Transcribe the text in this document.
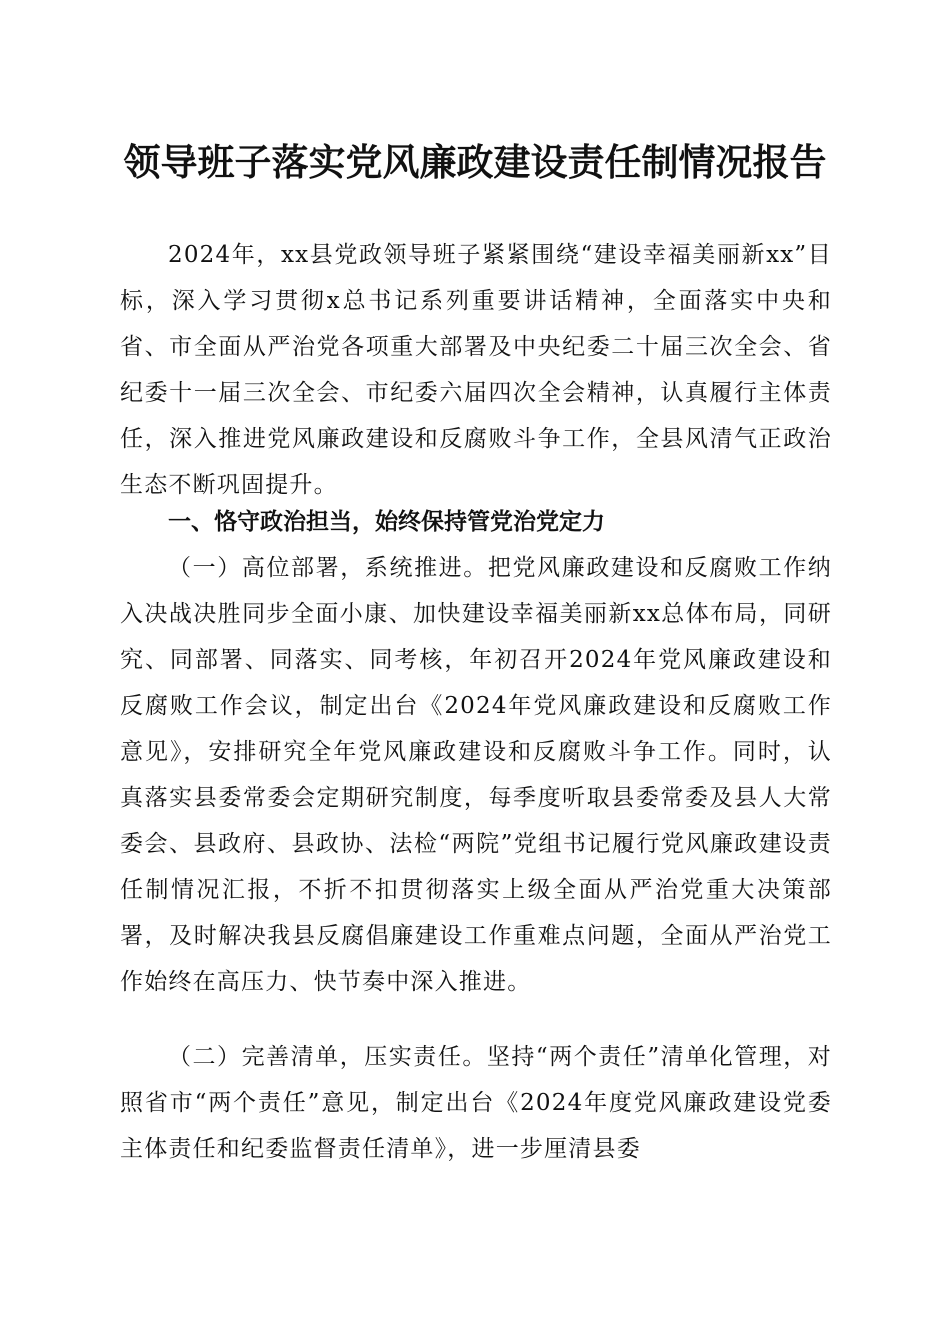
领导班子落实党风廉政建设责任制情况报告

2024年，xx县党政领导班子紧紧围绕“建设幸福美丽新xx”目标，深入学习贯彻x总书记系列重要讲话精神，全面落实中央和省、市全面从严治党各项重大部署及中央纪委二十届三次全会、省纪委十一届三次全会、市纪委六届四次全会精神，认真履行主体责任，深入推进党风廉政建设和反腐败斗争工作，全县风清气正政治生态不断巩固提升。

一、恪守政治担当，始终保持管党治党定力

（一）高位部署，系统推进。把党风廉政建设和反腐败工作纳入决战决胜同步全面小康、加快建设幸福美丽新xx总体布局，同研究、同部署、同落实、同考核，年初召开2024年党风廉政建设和反腐败工作会议，制定出台《2024年党风廉政建设和反腐败工作意见》，安排研究全年党风廉政建设和反腐败斗争工作。同时，认真落实县委常委会定期研究制度，每季度听取县委常委及县人大常委会、县政府、县政协、法检“两院”党组书记履行党风廉政建设责任制情况汇报，不折不扣贯彻落实上级全面从严治党重大决策部署，及时解决我县反腐倡廉建设工作重难点问题，全面从严治党工作始终在高压力、快节奏中深入推进。

（二）完善清单，压实责任。坚持“两个责任”清单化管理，对照省市“两个责任”意见，制定出台《2024年度党风廉政建设党委主体责任和纪委监督责任清单》，进一步厘清县委
